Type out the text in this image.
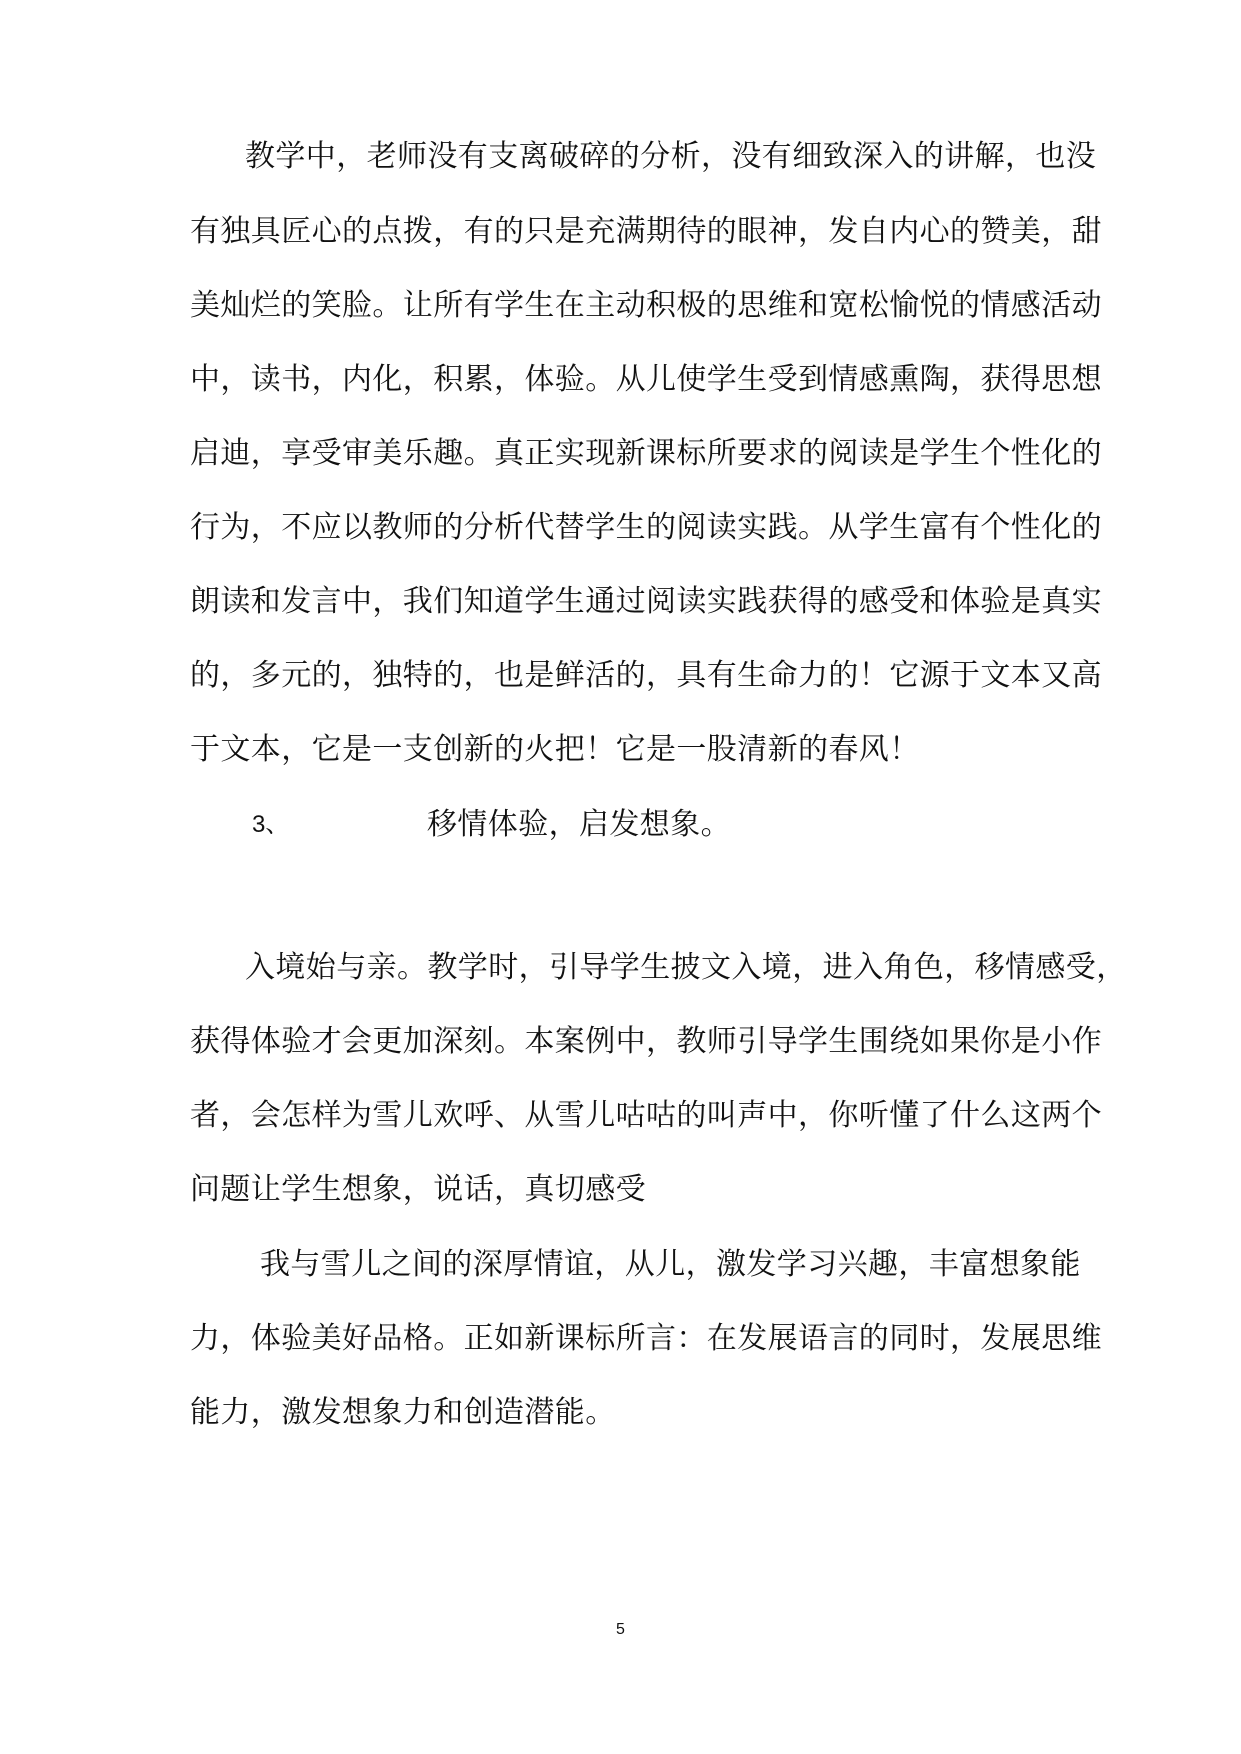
教学中，老师没有支离破碎的分析，没有细致深入的讲解，也没
有独具匠心的点拨，有的只是充满期待的眼神，发自内心的赞美，甜
美灿烂的笑脸。让所有学生在主动积极的思维和宽松愉悦的情感活动
中，读书，内化，积累，体验。从儿使学生受到情感熏陶，获得思想
启迪，享受审美乐趣。真正实现新课标所要求的阅读是学生个性化的
行为，不应以教师的分析代替学生的阅读实践。从学生富有个性化的
朗读和发言中，我们知道学生通过阅读实践获得的感受和体验是真实
的，多元的，独特的，也是鲜活的，具有生命力的！它源于文本又高
于文本，它是一支创新的火把！它是一股清新的春风！
3、	移情体验，启发想象。
入境始与亲。教学时，引导学生披文入境，进入角色，移情感受，
获得体验才会更加深刻。本案例中，教师引导学生围绕如果你是小作
者，会怎样为雪儿欢呼、从雪儿咕咕的叫声中，你听懂了什么这两个
问题让学生想象，说话，真切感受
我与雪儿之间的深厚情谊，从儿，激发学习兴趣，丰富想象能
力，体验美好品格。正如新课标所言：在发展语言的同时，发展思维
能力，激发想象力和创造潜能。
5
